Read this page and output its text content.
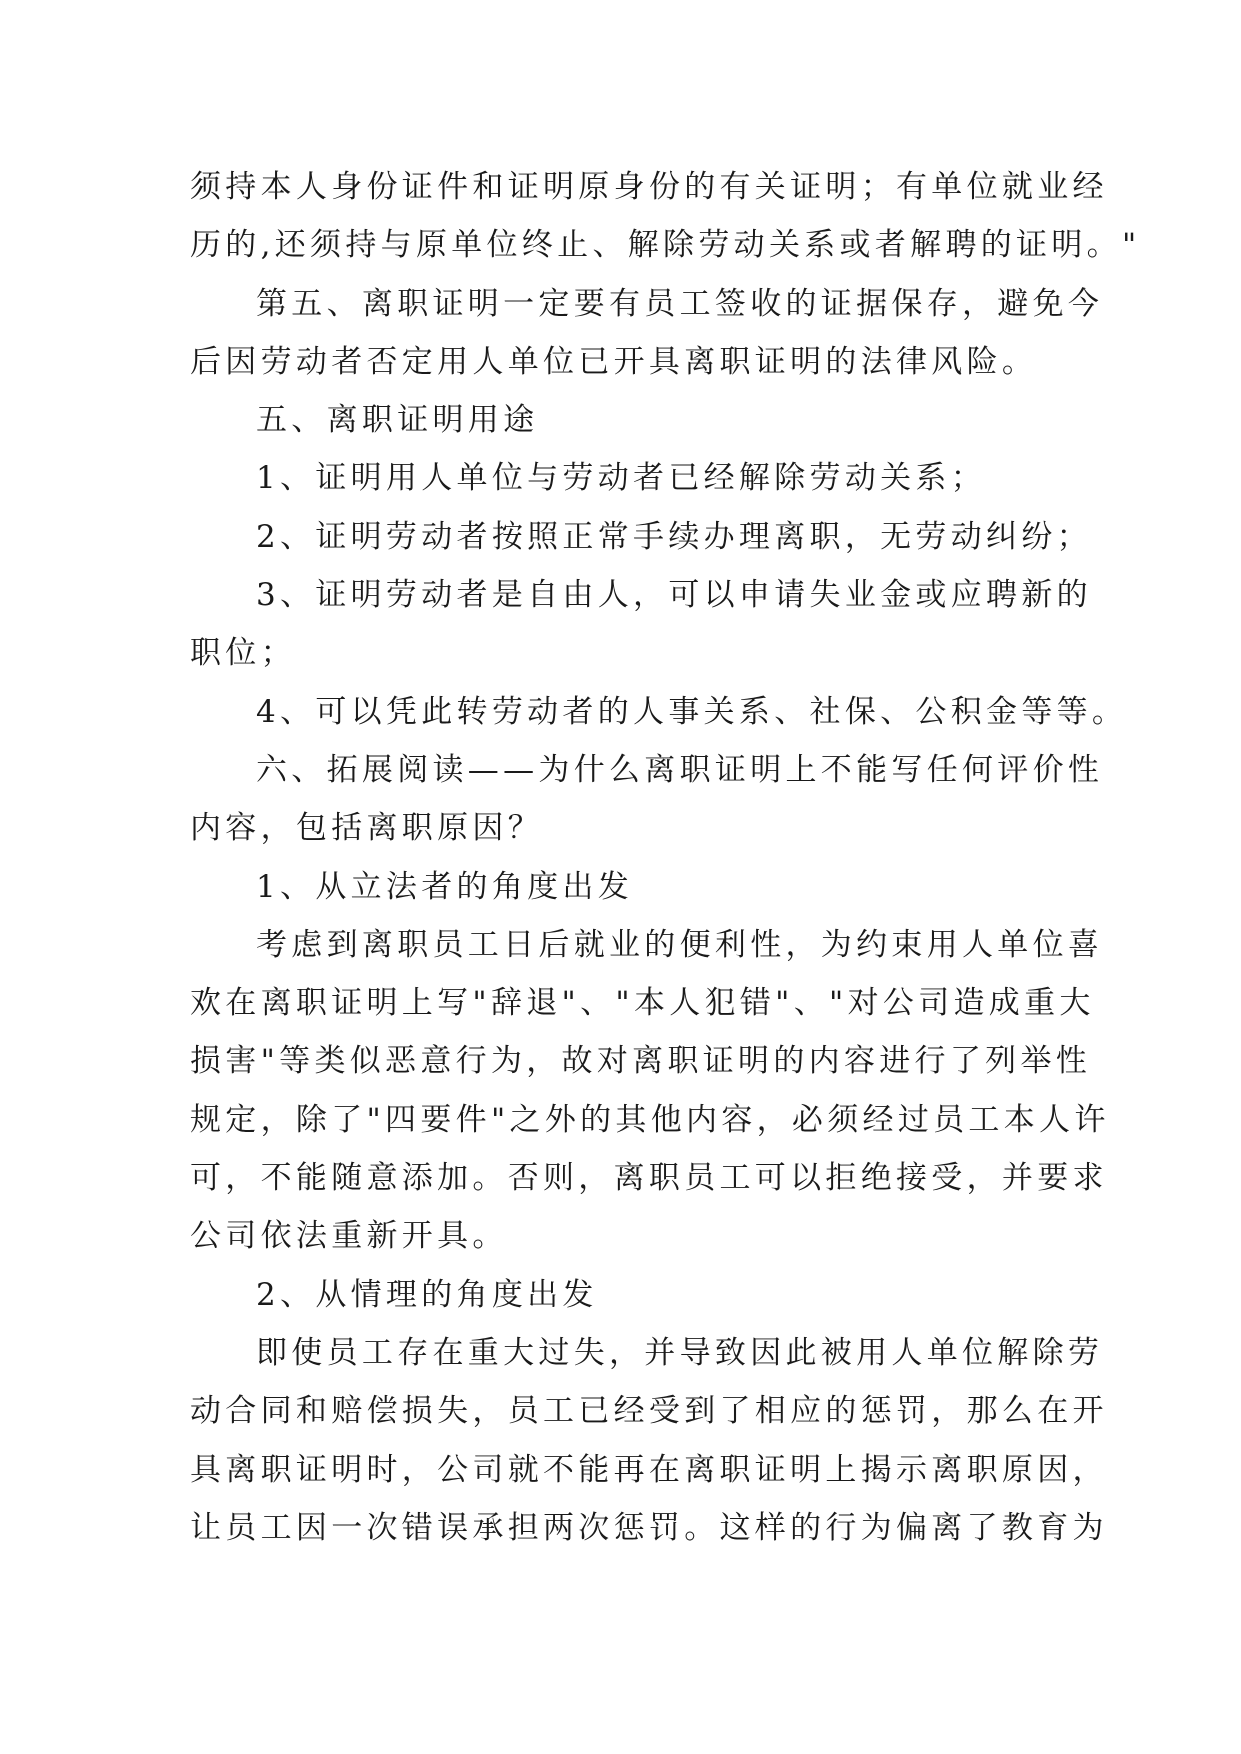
须持本人身份证件和证明原身份的有关证明；有单位就业经
历的,还须持与原单位终止、解除劳动关系或者解聘的证明。"
第五、离职证明一定要有员工签收的证据保存，避免今
后因劳动者否定用人单位已开具离职证明的法律风险。
五、离职证明用途
1、证明用人单位与劳动者已经解除劳动关系；
2、证明劳动者按照正常手续办理离职，无劳动纠纷；
3、证明劳动者是自由人，可以申请失业金或应聘新的
职位；
4、可以凭此转劳动者的人事关系、社保、公积金等等。
六、拓展阅读——为什么离职证明上不能写任何评价性
内容，包括离职原因？
1、从立法者的角度出发
考虑到离职员工日后就业的便利性，为约束用人单位喜
欢在离职证明上写"辞退"、"本人犯错"、"对公司造成重大
损害"等类似恶意行为，故对离职证明的内容进行了列举性
规定，除了"四要件"之外的其他内容，必须经过员工本人许
可，不能随意添加。否则，离职员工可以拒绝接受，并要求
公司依法重新开具。
2、从情理的角度出发
即使员工存在重大过失，并导致因此被用人单位解除劳
动合同和赔偿损失，员工已经受到了相应的惩罚，那么在开
具离职证明时，公司就不能再在离职证明上揭示离职原因，
让员工因一次错误承担两次惩罚。这样的行为偏离了教育为
